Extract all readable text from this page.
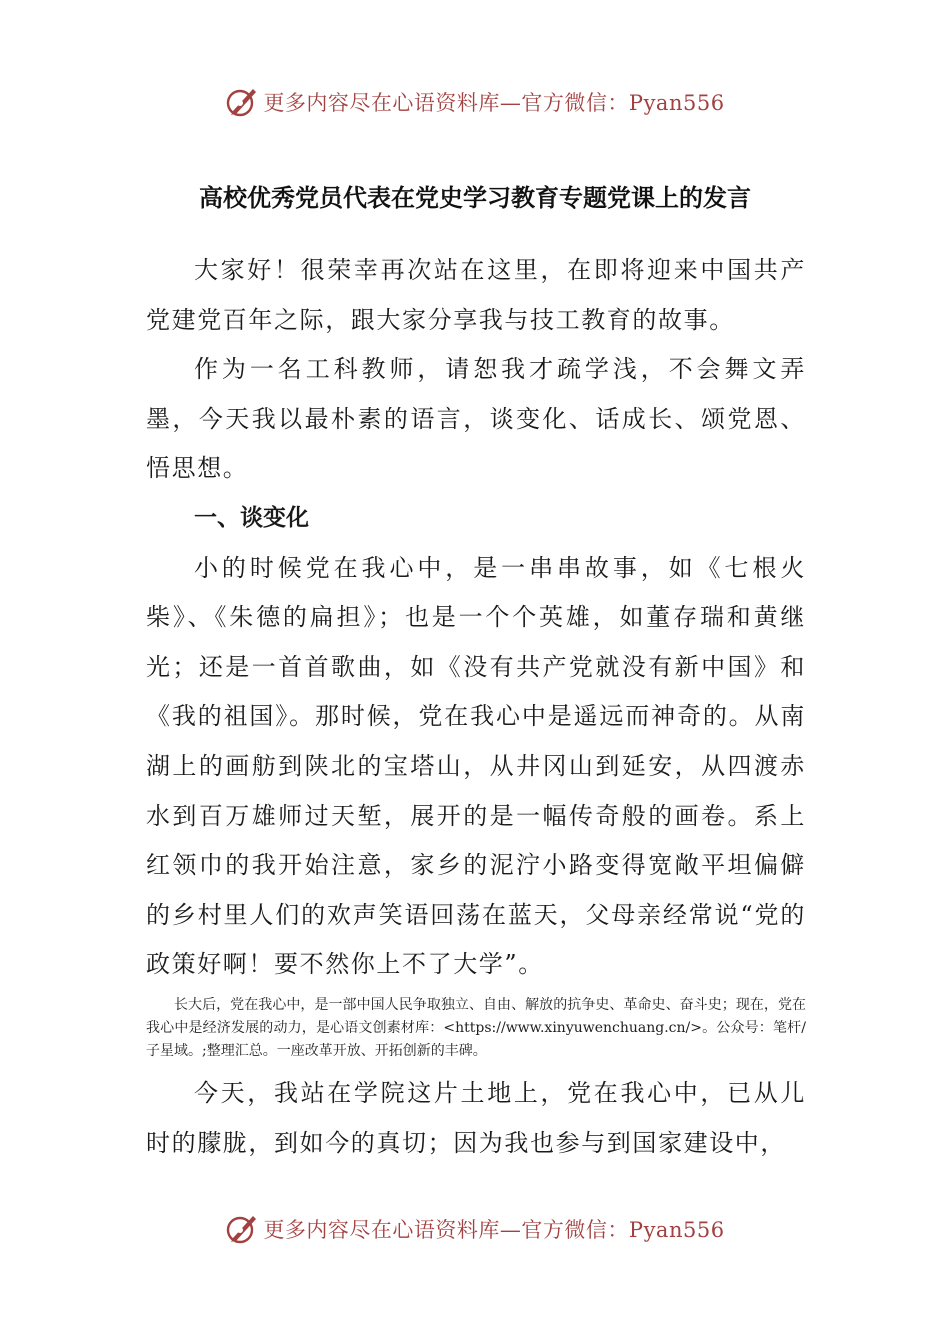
更多内容尽在心语资料库—官方微信：Pyan556
高校优秀党员代表在党史学习教育专题党课上的发言

大家好！很荣幸再次站在这里，在即将迎来中国共产党建党百年之际，跟大家分享我与技工教育的故事。

作为一名工科教师，请恕我才疏学浅，不会舞文弄墨，今天我以最朴素的语言，谈变化、话成长、颂党恩、悟思想。

一、谈变化

小的时候党在我心中，是一串串故事，如《七根火柴》、《朱德的扁担》；也是一个个英雄，如董存瑞和黄继光；还是一首首歌曲，如《没有共产党就没有新中国》和《我的祖国》。那时候，党在我心中是遥远而神奇的。从南湖上的画舫到陕北的宝塔山，从井冈山到延安，从四渡赤水到百万雄师过天堑，展开的是一幅传奇般的画卷。系上红领巾的我开始注意，家乡的泥泞小路变得宽敞平坦偏僻的乡村里人们的欢声笑语回荡在蓝天，父母亲经常说“党的政策好啊！要不然你上不了大学”。

长大后，党在我心中，是一部中国人民争取独立、自由、解放的抗争史、革命史、奋斗史；现在，党在我心中是经济发展的动力，是心语文创素材库：<https://www.xinyuwenchuang.cn/>。公众号：笔杆/子星域。;整理汇总。一座改革开放、开拓创新的丰碑。

今天，我站在学院这片土地上，党在我心中，已从儿时的朦胧，到如今的真切；因为我也参与到国家建设中，

更多内容尽在心语资料库—官方微信：Pyan556
